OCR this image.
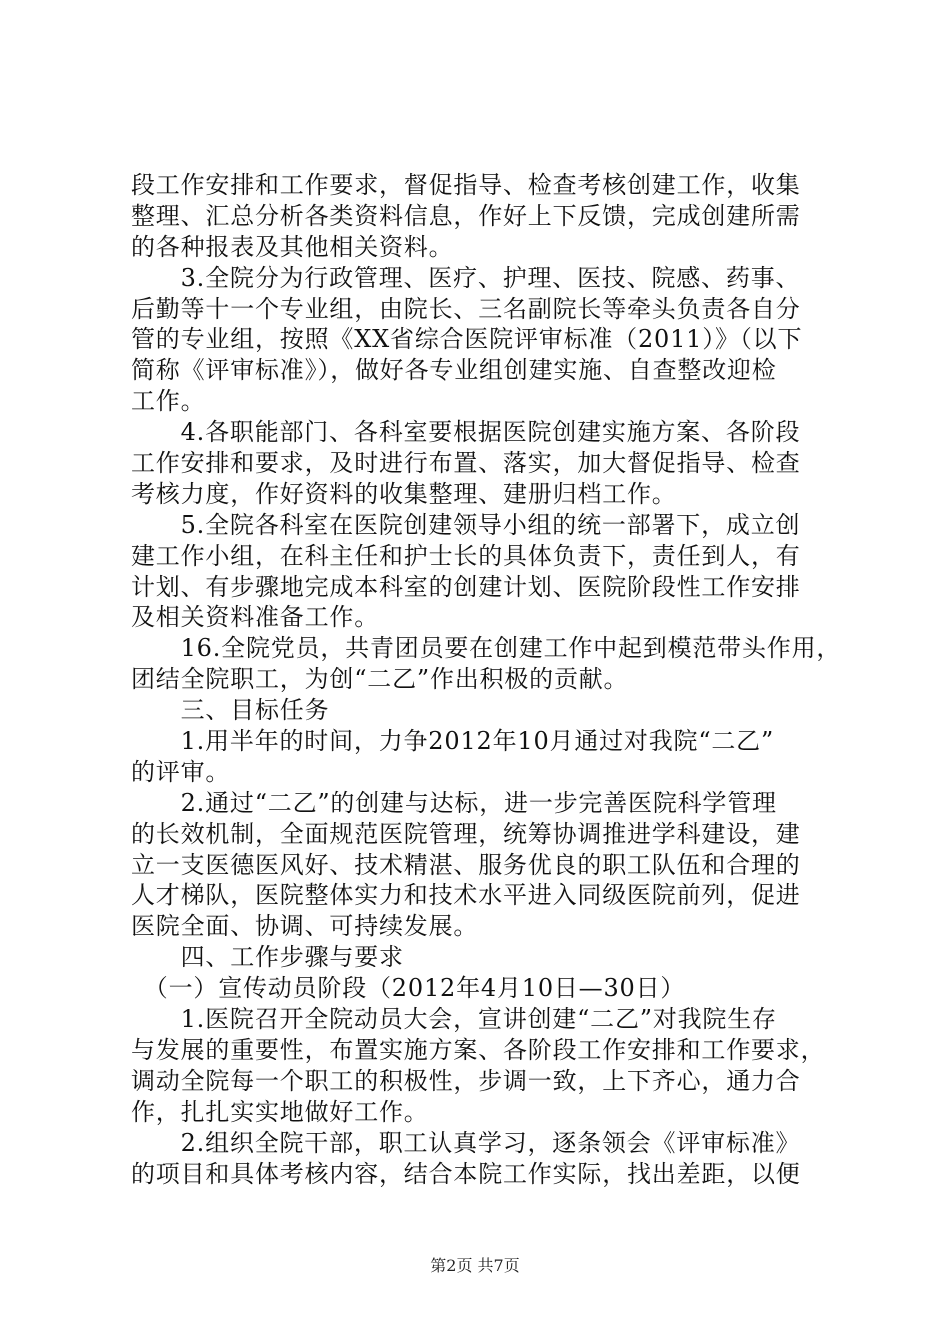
段工作安排和工作要求，督促指导、检查考核创建工作，收集
整理、汇总分析各类资料信息，作好上下反馈，完成创建所需
的各种报表及其他相关资料。
　　3.全院分为行政管理、医疗、护理、医技、院感、药事、
后勤等十一个专业组，由院长、三名副院长等牵头负责各自分
管的专业组，按照《XX省综合医院评审标准（2011）》（以下
简称《评审标准》），做好各专业组创建实施、自查整改迎检
工作。
　　4.各职能部门、各科室要根据医院创建实施方案、各阶段
工作安排和要求，及时进行布置、落实，加大督促指导、检查
考核力度，作好资料的收集整理、建册归档工作。
　　5.全院各科室在医院创建领导小组的统一部署下，成立创
建工作小组，在科主任和护士长的具体负责下，责任到人，有
计划、有步骤地完成本科室的创建计划、医院阶段性工作安排
及相关资料准备工作。
　　16.全院党员，共青团员要在创建工作中起到模范带头作用，
团结全院职工，为创“二乙”作出积极的贡献。
　　三、目标任务
　　1.用半年的时间，力争2012年10月通过对我院“二乙”
的评审。
　　2.通过“二乙”的创建与达标，进一步完善医院科学管理
的长效机制，全面规范医院管理，统筹协调推进学科建设，建
立一支医德医风好、技术精湛、服务优良的职工队伍和合理的
人才梯队，医院整体实力和技术水平进入同级医院前列，促进
医院全面、协调、可持续发展。
　　四、工作步骤与要求
　（一）宣传动员阶段（2012年4月10日—30日）
　　1.医院召开全院动员大会，宣讲创建“二乙”对我院生存
与发展的重要性，布置实施方案、各阶段工作安排和工作要求，
调动全院每一个职工的积极性，步调一致，上下齐心，通力合
作，扎扎实实地做好工作。
　　2.组织全院干部，职工认真学习，逐条领会《评审标准》
的项目和具体考核内容，结合本院工作实际，找出差距，以便
第2页 共7页
